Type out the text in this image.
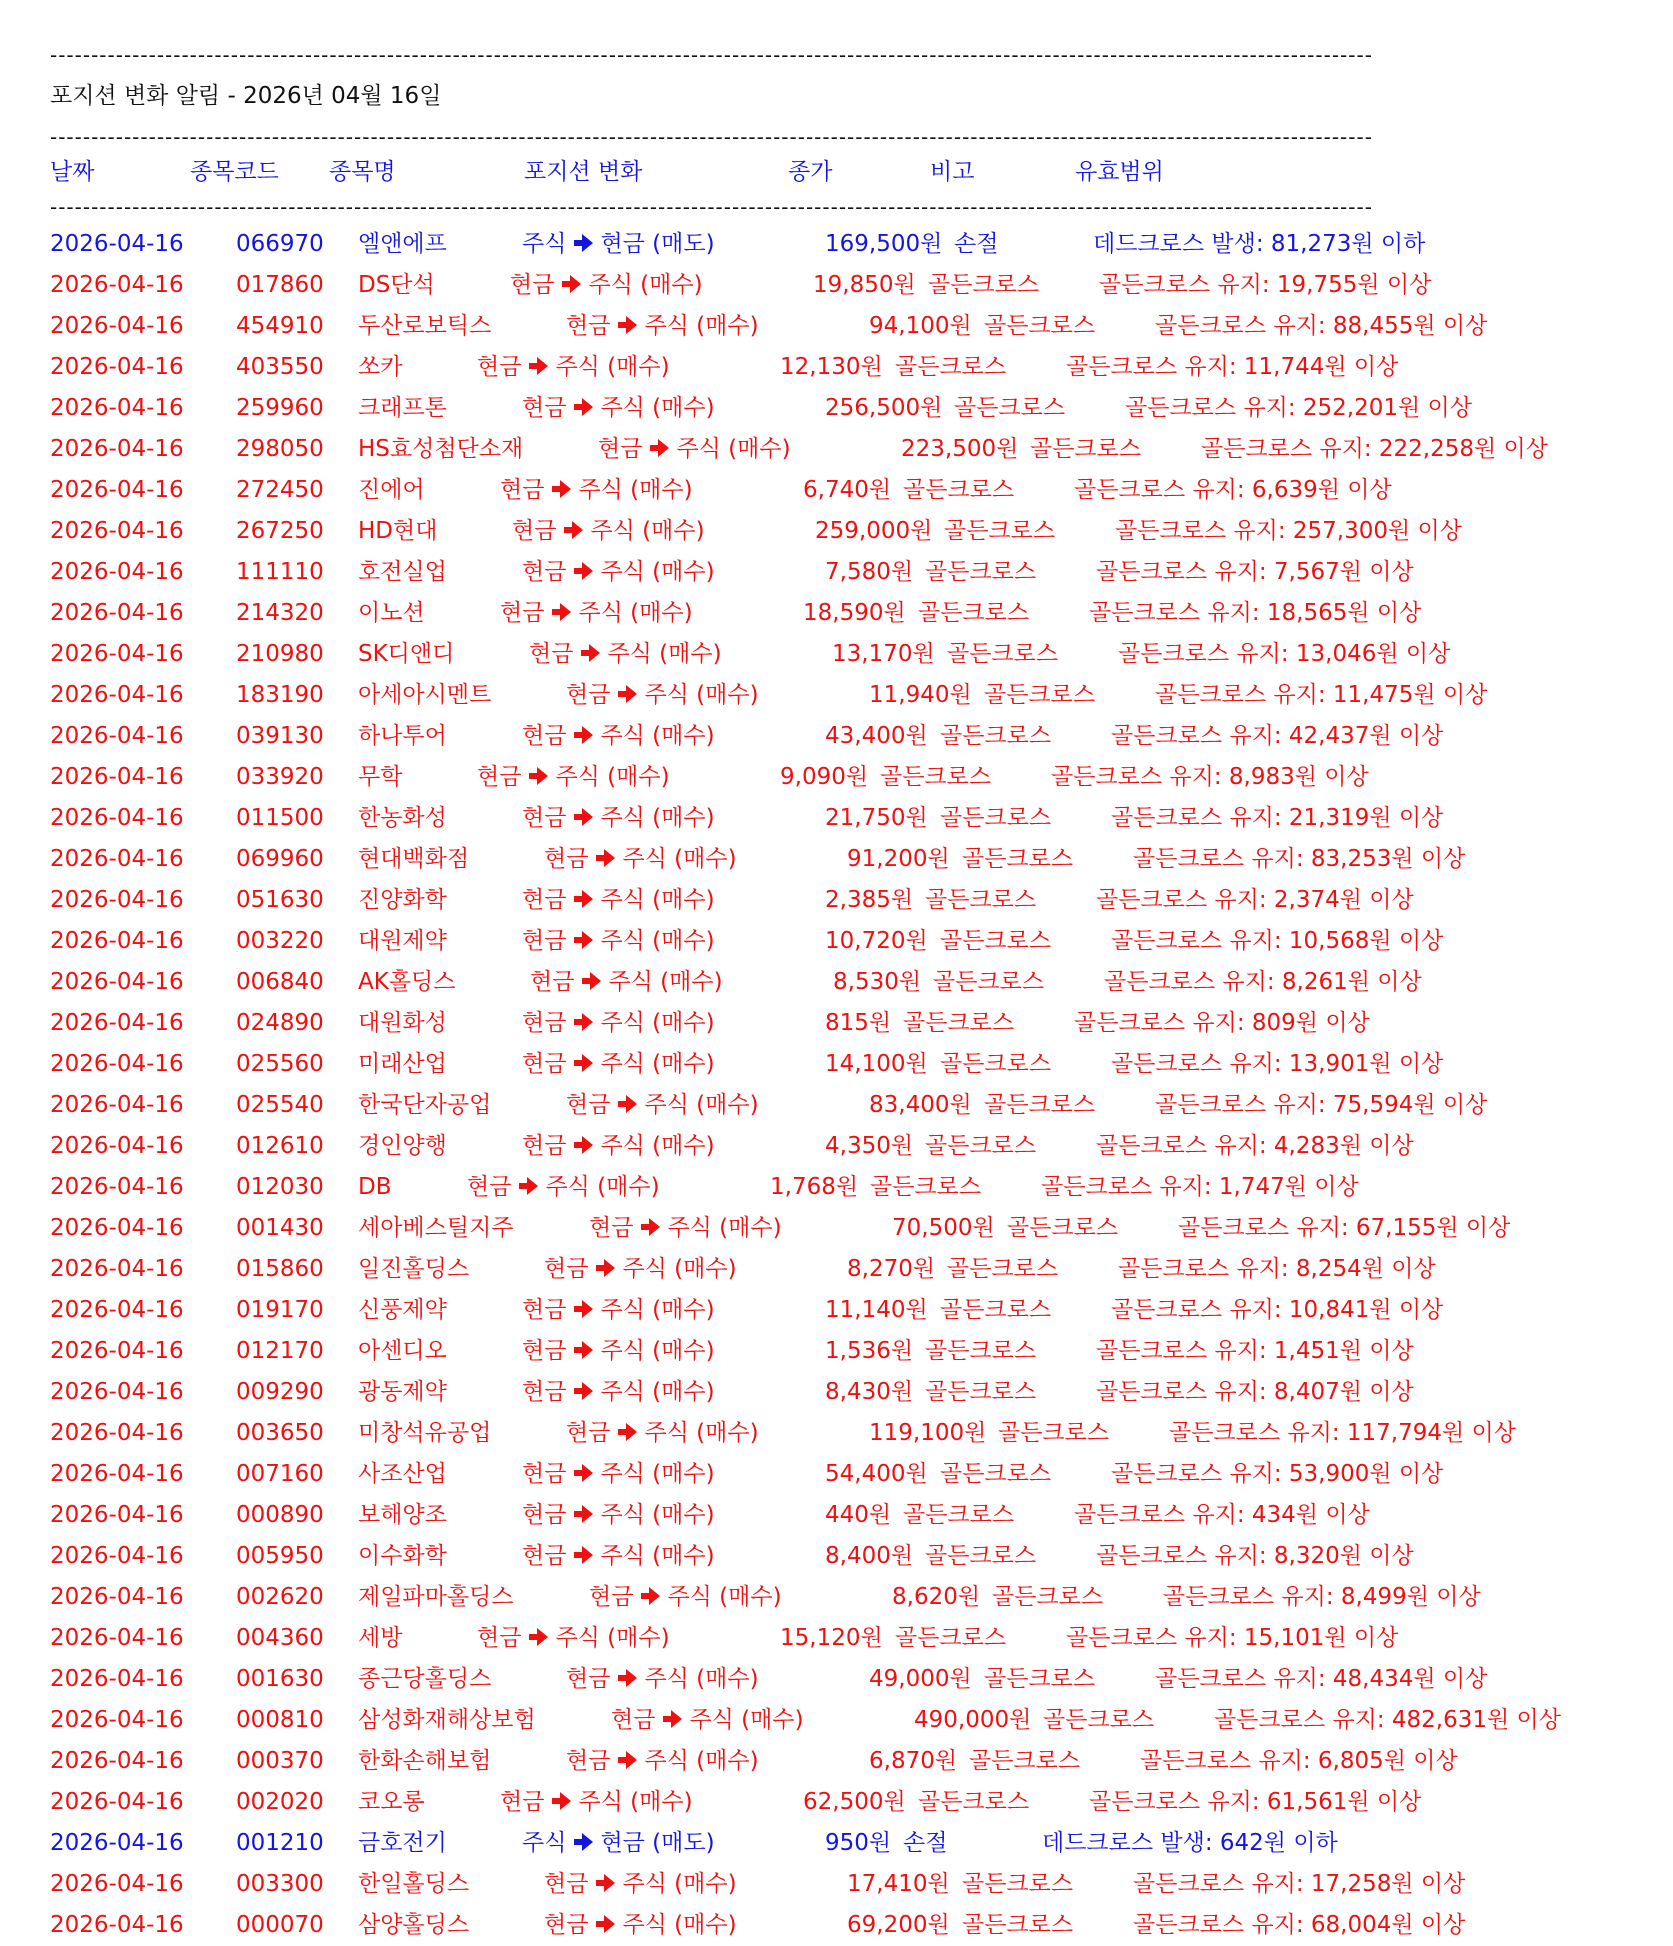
-----------------------------------------------------------------------------------------------------------------------------------------------------------------
포지션 변화 알림 - 2026년 04월 16일
-----------------------------------------------------------------------------------------------------------------------------------------------------------------
날짜	종목코드 종목명	포지션 변화	종가	비고	유효범위
-----------------------------------------------------------------------------------------------------------------------------------------------------------------
2026-04-16 066970 엘앤에프	주식 현금 (매도)	169,500원 손절	데드크로스 발생: 81,273원 이하
2026-04-16 017860 DS단석	현금 주식 (매수)	19,850원 골든크로스	골든크로스 유지: 19,755원 이상
2026-04-16 454910 두산로보틱스	현금 주식 (매수)	94,100원 골든크로스	골든크로스 유지: 88,455원 이상
2026-04-16 403550 쏘카	현금 주식 (매수)	12,130원 골든크로스	골든크로스 유지: 11,744원 이상
2026-04-16 259960 크래프톤	현금 주식 (매수)	256,500원 골든크로스	골든크로스 유지: 252,201원 이상
2026-04-16 298050 HS효성첨단소재	현금 주식 (매수)	223,500원 골든크로스	골든크로스 유지: 222,258원 이상
2026-04-16 272450 진에어	현금 주식 (매수)	6,740원 골든크로스	골든크로스 유지: 6,639원 이상
2026-04-16 267250 HD현대	현금 주식 (매수)	259,000원 골든크로스	골든크로스 유지: 257,300원 이상
2026-04-16 111110 호전실업	현금 주식 (매수)	7,580원 골든크로스	골든크로스 유지: 7,567원 이상
2026-04-16 214320 이노션	현금 주식 (매수)	18,590원 골든크로스	골든크로스 유지: 18,565원 이상
2026-04-16 210980 SK디앤디	현금 주식 (매수)	13,170원 골든크로스	골든크로스 유지: 13,046원 이상
2026-04-16 183190 아세아시멘트	현금 주식 (매수)	11,940원 골든크로스	골든크로스 유지: 11,475원 이상
2026-04-16 039130 하나투어	현금 주식 (매수)	43,400원 골든크로스	골든크로스 유지: 42,437원 이상
2026-04-16 033920 무학	현금 주식 (매수)	9,090원 골든크로스	골든크로스 유지: 8,983원 이상
2026-04-16 011500 한농화성	현금 주식 (매수)	21,750원 골든크로스	골든크로스 유지: 21,319원 이상
2026-04-16 069960 현대백화점	현금 주식 (매수)	91,200원 골든크로스	골든크로스 유지: 83,253원 이상
2026-04-16 051630 진양화학	현금 주식 (매수)	2,385원 골든크로스	골든크로스 유지: 2,374원 이상
2026-04-16 003220 대원제약	현금 주식 (매수)	10,720원 골든크로스	골든크로스 유지: 10,568원 이상
2026-04-16 006840 AK홀딩스	현금 주식 (매수)	8,530원 골든크로스	골든크로스 유지: 8,261원 이상
2026-04-16 024890 대원화성	현금 주식 (매수)	815원 골든크로스	골든크로스 유지: 809원 이상
2026-04-16 025560 미래산업	현금 주식 (매수)	14,100원 골든크로스	골든크로스 유지: 13,901원 이상
2026-04-16 025540 한국단자공업	현금 주식 (매수)	83,400원 골든크로스	골든크로스 유지: 75,594원 이상
2026-04-16 012610 경인양행	현금 주식 (매수)	4,350원 골든크로스	골든크로스 유지: 4,283원 이상
2026-04-16 012030 DB	현금 주식 (매수)	1,768원 골든크로스	골든크로스 유지: 1,747원 이상
2026-04-16 001430 세아베스틸지주	현금 주식 (매수)	70,500원 골든크로스	골든크로스 유지: 67,155원 이상
2026-04-16 015860 일진홀딩스	현금 주식 (매수)	8,270원 골든크로스	골든크로스 유지: 8,254원 이상
2026-04-16 019170 신풍제약	현금 주식 (매수)	11,140원 골든크로스	골든크로스 유지: 10,841원 이상
2026-04-16 012170 아센디오	현금 주식 (매수)	1,536원 골든크로스	골든크로스 유지: 1,451원 이상
2026-04-16 009290 광동제약	현금 주식 (매수)	8,430원 골든크로스	골든크로스 유지: 8,407원 이상
2026-04-16 003650 미창석유공업	현금 주식 (매수)	119,100원 골든크로스	골든크로스 유지: 117,794원 이상
2026-04-16 007160 사조산업	현금 주식 (매수)	54,400원 골든크로스	골든크로스 유지: 53,900원 이상
2026-04-16 000890 보해양조	현금 주식 (매수)	440원 골든크로스	골든크로스 유지: 434원 이상
2026-04-16 005950 이수화학	현금 주식 (매수)	8,400원 골든크로스	골든크로스 유지: 8,320원 이상
2026-04-16 002620 제일파마홀딩스	현금 주식 (매수)	8,620원 골든크로스	골든크로스 유지: 8,499원 이상
2026-04-16 004360 세방	현금 주식 (매수)	15,120원 골든크로스	골든크로스 유지: 15,101원 이상
2026-04-16 001630 종근당홀딩스	현금 주식 (매수)	49,000원 골든크로스	골든크로스 유지: 48,434원 이상
2026-04-16 000810 삼성화재해상보험	현금 주식 (매수)	490,000원 골든크로스	골든크로스 유지: 482,631원 이상
2026-04-16 000370 한화손해보험	현금 주식 (매수)	6,870원 골든크로스	골든크로스 유지: 6,805원 이상
2026-04-16 002020 코오롱	현금 주식 (매수)	62,500원 골든크로스	골든크로스 유지: 61,561원 이상
2026-04-16 001210 금호전기	주식 현금 (매도)	950원 손절	데드크로스 발생: 642원 이하
2026-04-16 003300 한일홀딩스	현금 주식 (매수)	17,410원 골든크로스	골든크로스 유지: 17,258원 이상
2026-04-16 000070 삼양홀딩스	현금 주식 (매수)	69,200원 골든크로스	골든크로스 유지: 68,004원 이상
